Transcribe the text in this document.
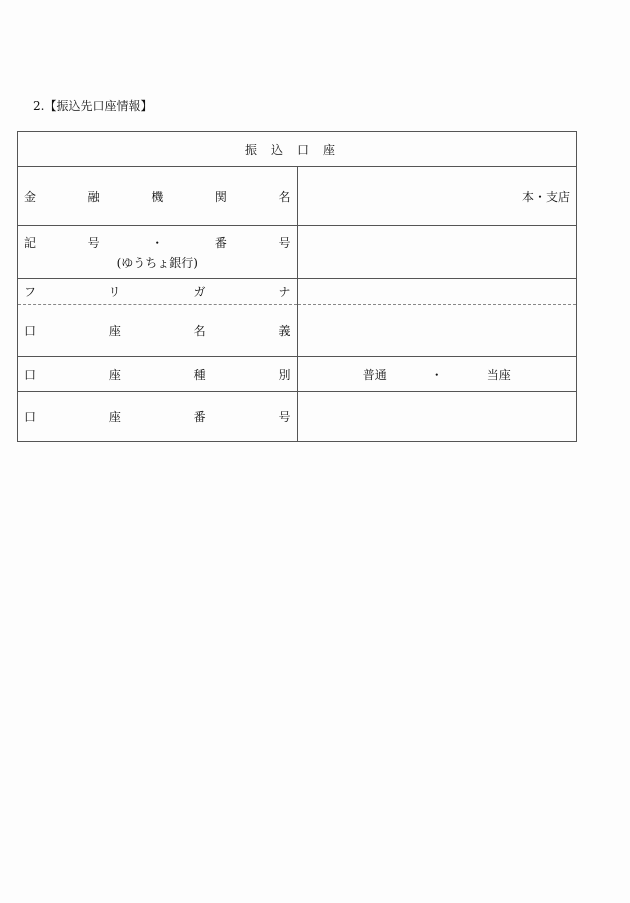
2.【振込先口座情報】
振込口座	
金融機関名	本・支店
記号・番号
(ゆうちょ銀行)	

フリガナ	
口座名義	
口座種別	普通 ・ 当座
口座番号	
